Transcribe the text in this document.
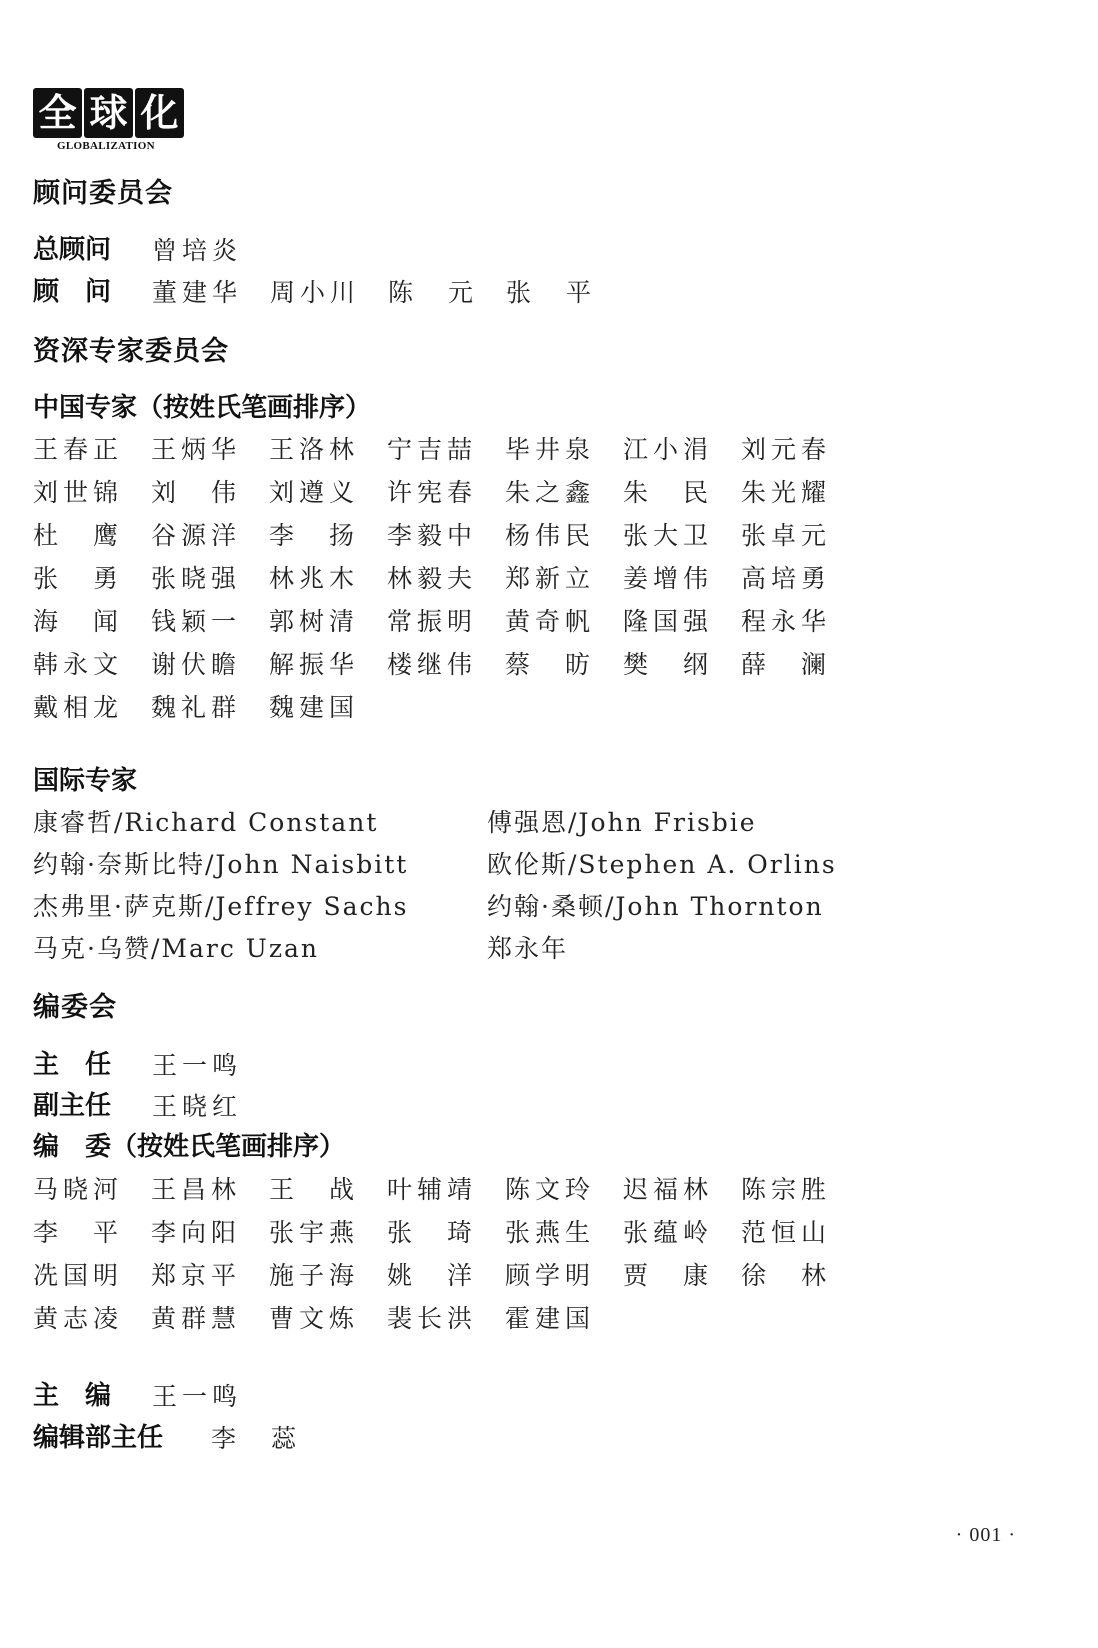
全 球 化
GLOBALIZATION
顾问委员会
总顾问 曾培炎
顾　问 董建华	周小川	陈　元	张　平
资深专家委员会
中国专家（按姓氏笔画排序）
王春正	王炳华	王洛林	宁吉喆	毕井泉	江小涓	刘元春
刘世锦	刘　伟	刘遵义	许宪春	朱之鑫	朱　民	朱光耀
杜　鹰	谷源洋	李　扬	李毅中	杨伟民	张大卫	张卓元
张　勇	张晓强	林兆木	林毅夫	郑新立	姜增伟	高培勇
海　闻	钱颖一	郭树清	常振明	黄奇帆	隆国强	程永华
韩永文	谢伏瞻	解振华	楼继伟	蔡　昉	樊　纲	薛　澜
戴相龙	魏礼群	魏建国
国际专家
康睿哲/Richard Constant	傅强恩/John Frisbie
约翰·奈斯比特/John Naisbitt	欧伦斯/Stephen A. Orlins
杰弗里·萨克斯/Jeffrey Sachs	约翰·桑顿/John Thornton
马克·乌赞/Marc Uzan	郑永年
编委会
主　任 王一鸣
副主任 王晓红
编　委（按姓氏笔画排序）
马晓河	王昌林	王　战	叶辅靖	陈文玲	迟福林	陈宗胜
李　平	李向阳	张宇燕	张　琦	张燕生	张蕴岭	范恒山
冼国明	郑京平	施子海	姚　洋	顾学明	贾　康	徐　林
黄志凌	黄群慧	曹文炼	裴长洪	霍建国
主　编 王一鸣
编辑部主任 李　蕊
· 001 ·
